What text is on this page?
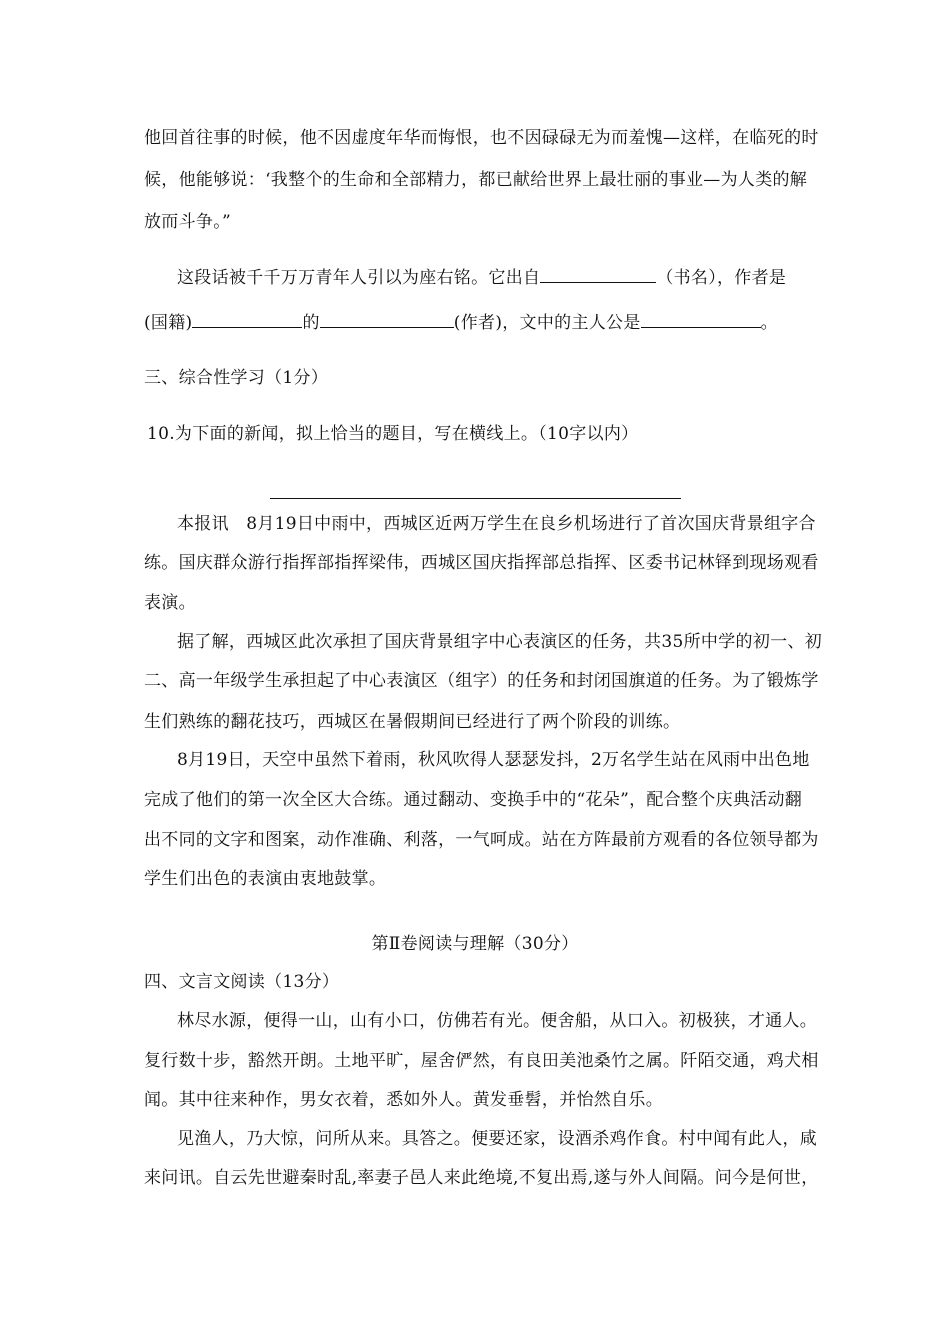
他回首往事的时候，他不因虚度年华而悔恨，也不因碌碌无为而羞愧—这样，在临死的时
候，他能够说：‘我整个的生命和全部精力，都已献给世界上最壮丽的事业—为人类的解
放而斗争。”
这段话被千千万万青年人引以为座右铭。它出自	（书名），作者是
(国籍)	的	(作者)，文中的主人公是	。
三、综合性学习（1分）
10.为下面的新闻，拟上恰当的题目，写在横线上。（10字以内）
本报讯　8月19日中雨中，西城区近两万学生在良乡机场进行了首次国庆背景组字合
练。国庆群众游行指挥部指挥梁伟，西城区国庆指挥部总指挥、区委书记林铎到现场观看
表演。
据了解，西城区此次承担了国庆背景组字中心表演区的任务，共35所中学的初一、初
二、高一年级学生承担起了中心表演区（组字）的任务和封闭国旗道的任务。为了锻炼学
生们熟练的翻花技巧，西城区在暑假期间已经进行了两个阶段的训练。
8月19日，天空中虽然下着雨，秋风吹得人瑟瑟发抖，2万名学生站在风雨中出色地
完成了他们的第一次全区大合练。通过翻动、变换手中的“花朵”，配合整个庆典活动翻
出不同的文字和图案，动作准确、利落，一气呵成。站在方阵最前方观看的各位领导都为
学生们出色的表演由衷地鼓掌。
第Ⅱ卷阅读与理解（30分）
四、文言文阅读（13分）
林尽水源，便得一山，山有小口，仿佛若有光。便舍船，从口入。初极狭，才通人。
复行数十步，豁然开朗。土地平旷，屋舍俨然，有良田美池桑竹之属。阡陌交通，鸡犬相
闻。其中往来种作，男女衣着，悉如外人。黄发垂髫，并怡然自乐。
见渔人，乃大惊，问所从来。具答之。便要还家，设酒杀鸡作食。村中闻有此人，咸
来问讯。自云先世避秦时乱,率妻子邑人来此绝境,不复出焉,遂与外人间隔。问今是何世，
